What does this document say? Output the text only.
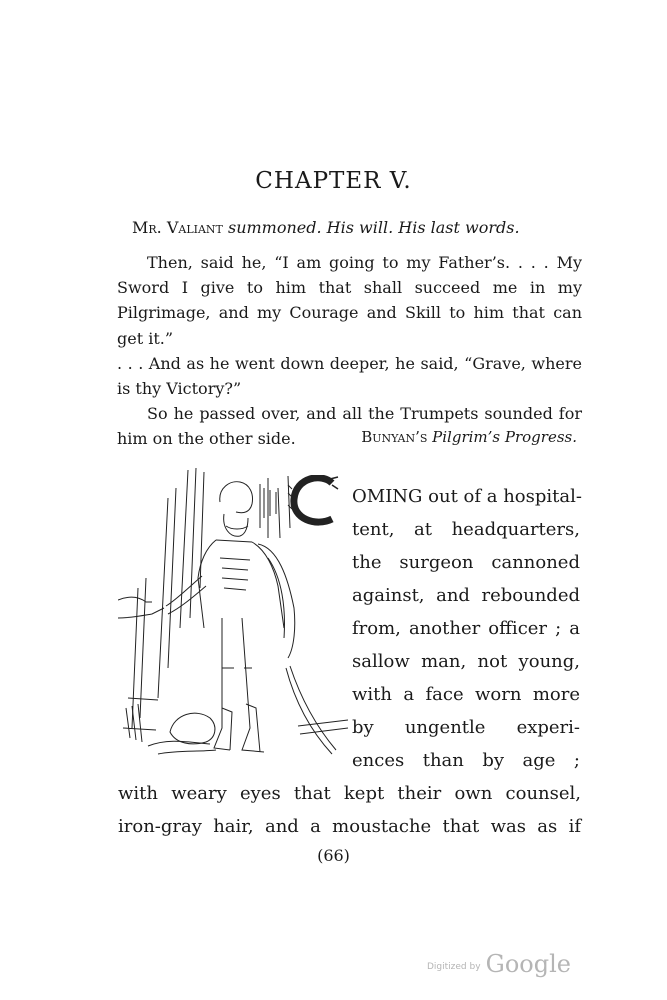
CHAPTER V.
Mr. Valiant summoned. His will. His last words.

Then, said he, “I am going to my Father’s. . . . My Sword I give to him that shall succeed me in my Pilgrimage, and my Courage and Skill to him that can get it.”

. . . And as he went down deeper, he said, “Grave, where is thy Victory?”

So he passed over, and all the Trumpets sounded for him on the other side.	Bunyan’s Pilgrim’s Progress.
OMING out of a hospital-
tent, at headquarters,
the surgeon cannoned
against, and rebounded
from, another officer ; a
sallow man, not young,
with a face worn more
by ungentle experi-
ences than by age ;
with weary eyes that kept their own counsel,
iron-gray hair, and a moustache that was as if
(66)
Digitized by Google
